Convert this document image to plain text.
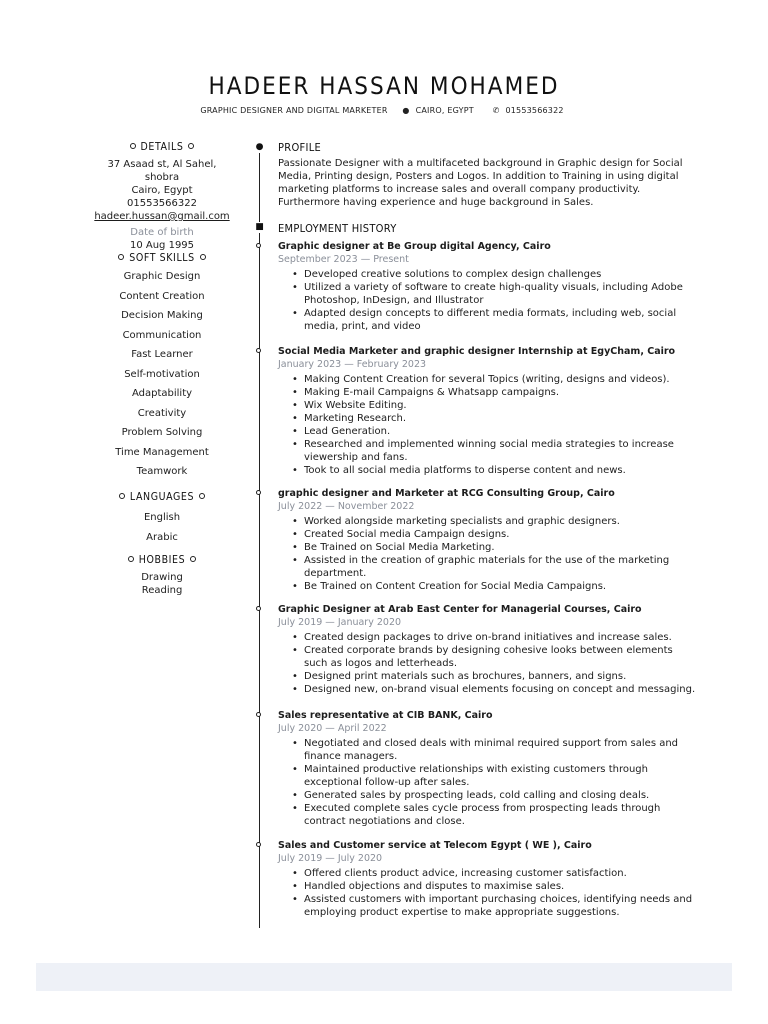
HADEER HASSAN MOHAMED
GRAPHIC DESIGNER AND DIGITAL MARKETER ● CAIRO, EGYPT ✆ 01553566322
DETAILS
37 Asaad st, Al Sahel, shobra
Cairo, Egypt
01553566322
hadeer.hussan@gmail.com
Date of birth
10 Aug 1995
SOFT SKILLS
Graphic Design
Content Creation
Decision Making
Communication
Fast Learner
Self-motivation
Adaptability
Creativity
Problem Solving
Time Management
Teamwork
LANGUAGES
English
Arabic
HOBBIES
Drawing
Reading
●
■
PROFILE
Passionate Designer with a multifaceted background in Graphic design for Social Media, Printing design, Posters and Logos. In addition to Training in using digital marketing platforms to increase sales and overall company productivity. Furthermore having experience and huge background in Sales.
EMPLOYMENT HISTORY
Graphic designer at Be Group digital Agency, Cairo
September 2023 — Present
• Developed creative solutions to complex design challenges
• Utilized a variety of software to create high-quality visuals, including Adobe Photoshop, InDesign, and Illustrator
• Adapted design concepts to different media formats, including web, social media, print, and video
Social Media Marketer and graphic designer Internship at EgyCham, Cairo
January 2023 — February 2023
• Making Content Creation for several Topics (writing, designs and videos).
• Making E-mail Campaigns & Whatsapp campaigns.
• Wix Website Editing.
• Marketing Research.
• Lead Generation.
• Researched and implemented winning social media strategies to increase viewership and fans.
• Took to all social media platforms to disperse content and news.
graphic designer and Marketer at RCG Consulting Group, Cairo
July 2022 — November 2022
• Worked alongside marketing specialists and graphic designers.
• Created Social media Campaign designs.
• Be Trained on Social Media Marketing.
• Assisted in the creation of graphic materials for the use of the marketing department.
• Be Trained on Content Creation for Social Media Campaigns.
Graphic Designer at Arab East Center for Managerial Courses, Cairo
July 2019 — January 2020
• Created design packages to drive on-brand initiatives and increase sales.
• Created corporate brands by designing cohesive looks between elements such as logos and letterheads.
• Designed print materials such as brochures, banners, and signs.
• Designed new, on-brand visual elements focusing on concept and messaging.
Sales representative at CIB BANK, Cairo
July 2020 — April 2022
• Negotiated and closed deals with minimal required support from sales and finance managers.
• Maintained productive relationships with existing customers through exceptional follow-up after sales.
• Generated sales by prospecting leads, cold calling and closing deals.
• Executed complete sales cycle process from prospecting leads through contract negotiations and close.
Sales and Customer service at Telecom Egypt ( WE ), Cairo
July 2019 — July 2020
• Offered clients product advice, increasing customer satisfaction.
• Handled objections and disputes to maximise sales.
• Assisted customers with important purchasing choices, identifying needs and employing product expertise to make appropriate suggestions.
